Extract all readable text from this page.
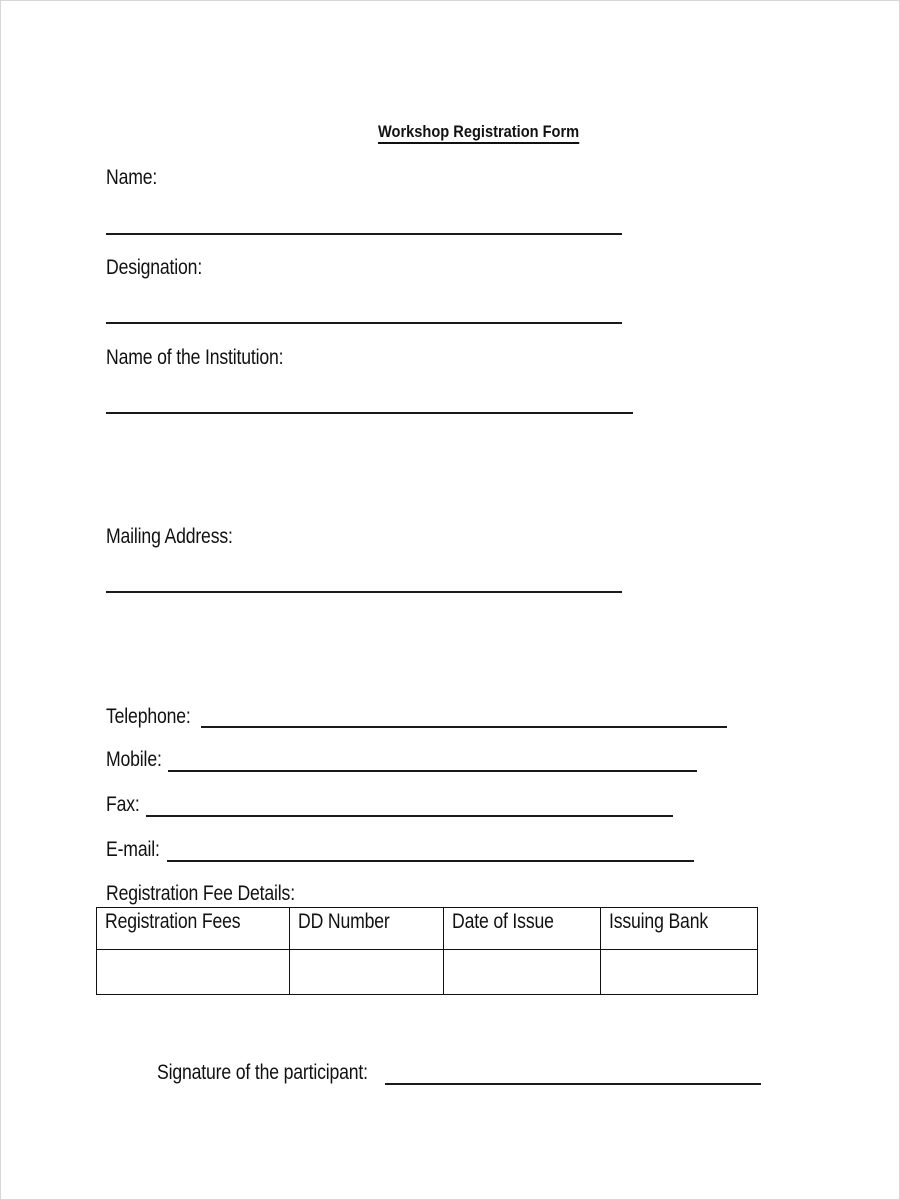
Workshop Registration Form
Name:
Designation:
Name of the Institution:
Mailing Address:
Telephone:
Mobile:
Fax:
E-mail:
Registration Fee Details:
Registration Fees	DD Number	Date of Issue	Issuing Bank

Signature of the participant:
